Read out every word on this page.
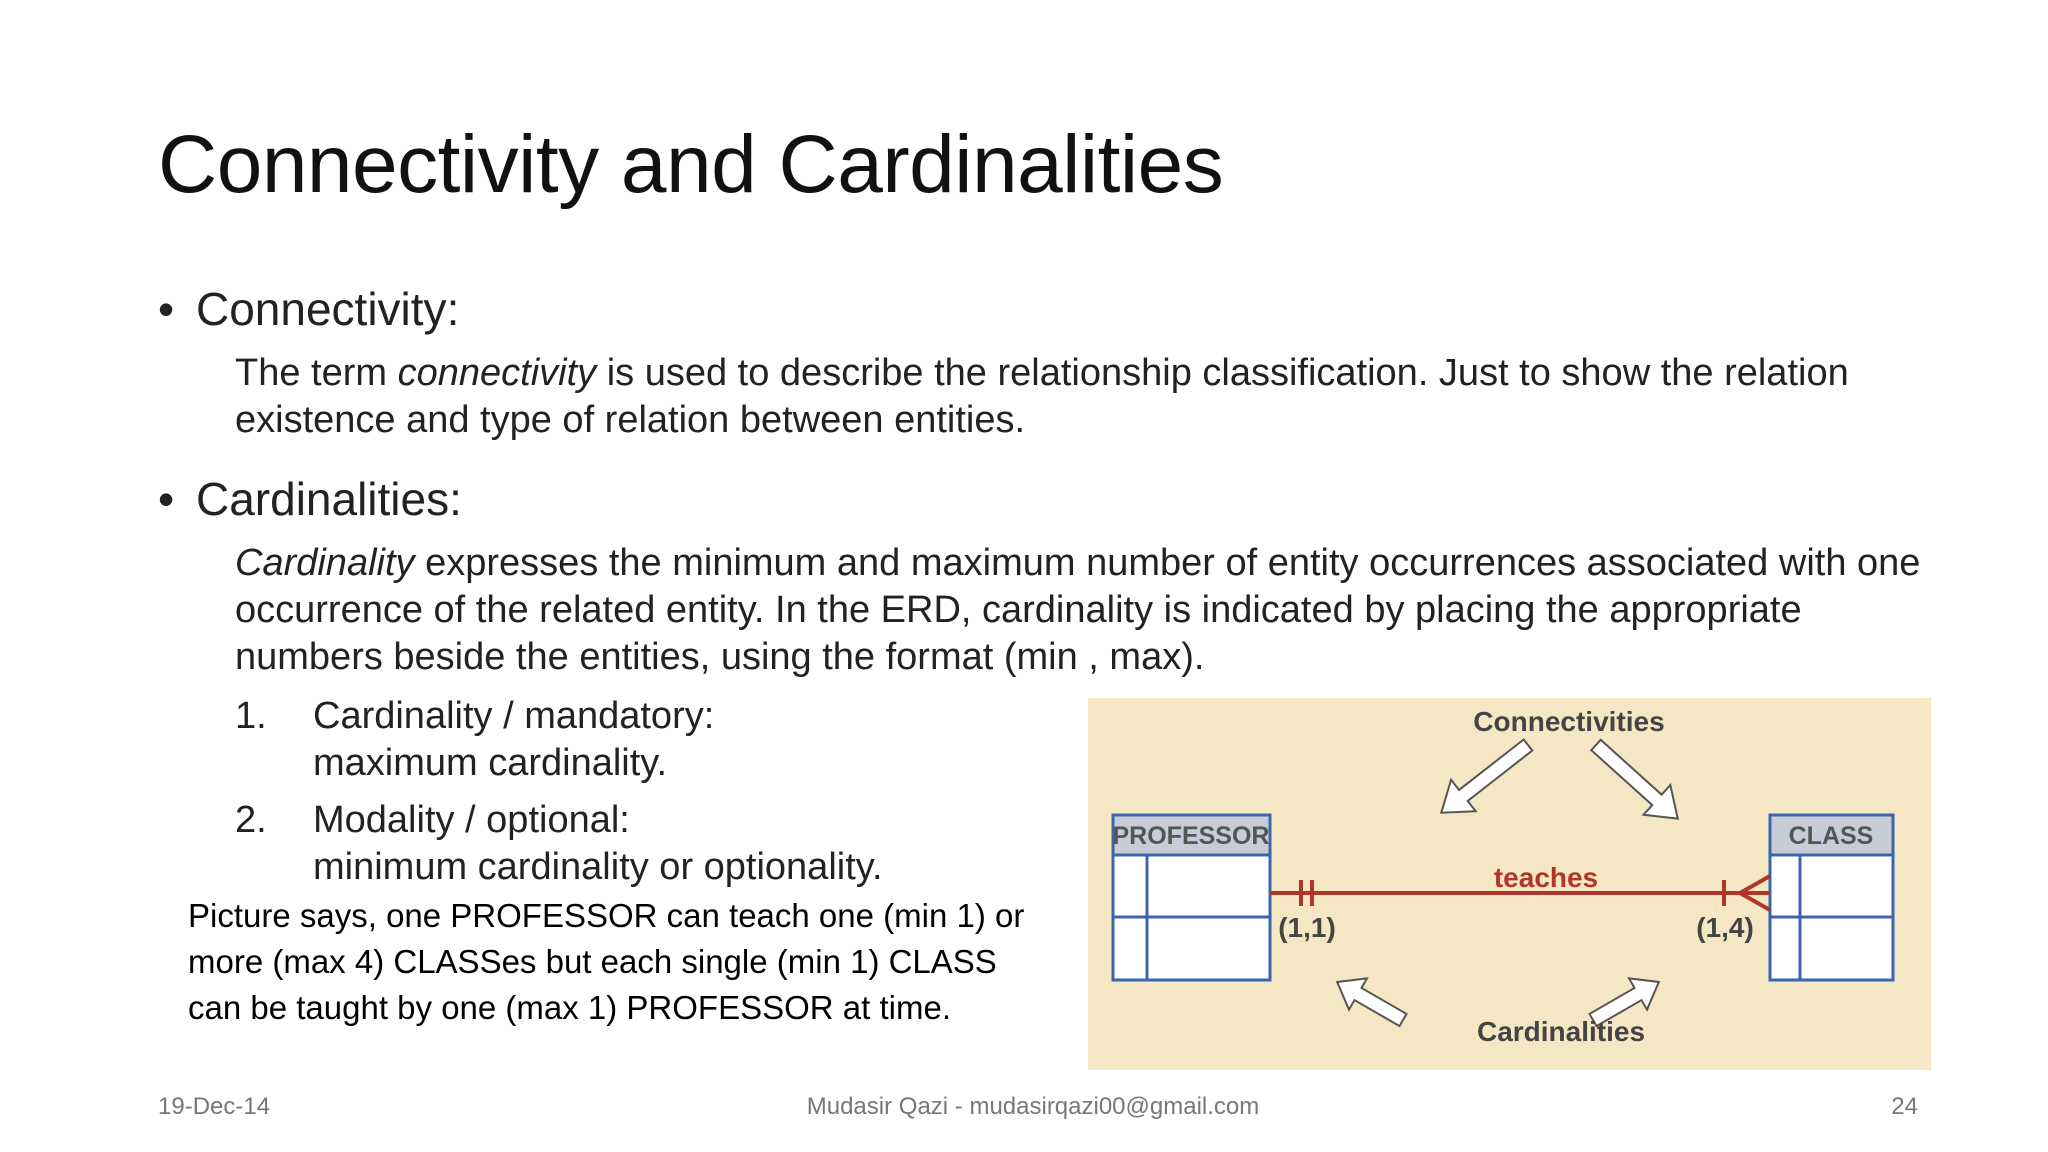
Connectivity and Cardinalities
• Connectivity:

The term connectivity is used to describe the relationship classification. Just to show the relation existence and type of relation between entities.

• Cardinalities:

Cardinality expresses the minimum and maximum number of entity occurrences associated with one occurrence of the related entity. In the ERD, cardinality is indicated by placing the appropriate numbers beside the entities, using the format (min , max).

1. Cardinality / mandatory:
maximum cardinality.
2. Modality / optional:
minimum cardinality or optionality.

Picture says, one PROFESSOR can teach one (min 1) or more (max 4) CLASSes but each single (min 1) CLASS can be taught by one (max 1) PROFESSOR at time.

Connectivities
Cardinalities
PROFESSOR	CLASS
teaches
(1,1)	(1,4)
19-Dec-14	Mudasir Qazi - mudasirqazi00@gmail.com	24
